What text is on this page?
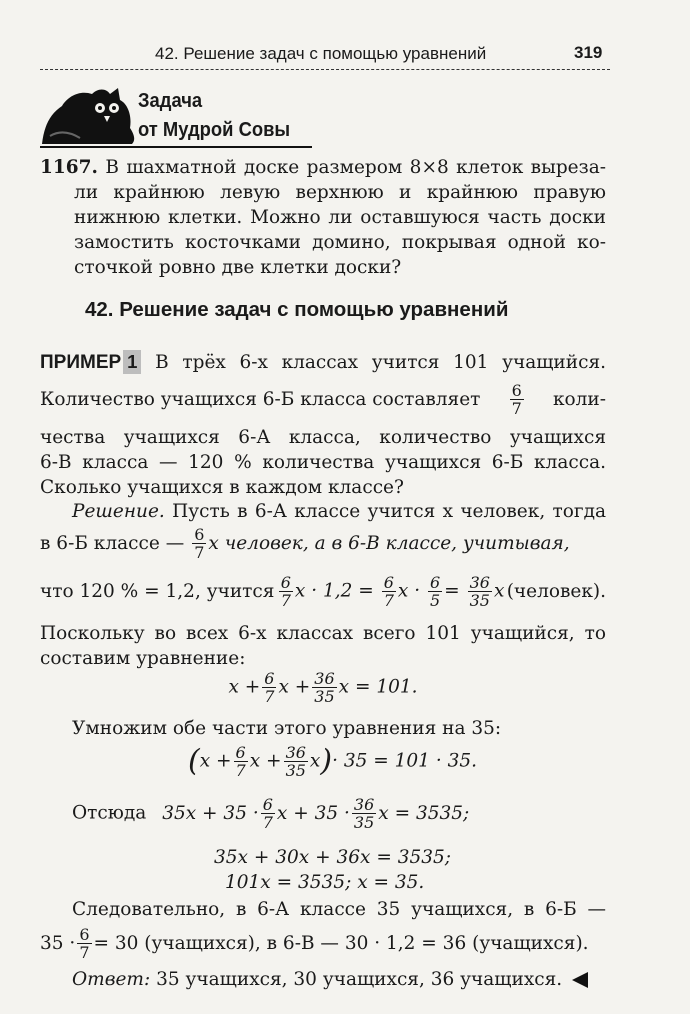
42. Решение задач с помощью уравнений	319
Задача
от Мудрой Совы
1167. В шахматной доске размером 8×8 клеток выреза-
ли крайнюю левую верхнюю и крайнюю правую
нижнюю клетки. Можно ли оставшуюся часть доски
замостить косточками домино, покрывая одной ко-
сточкой ровно две клетки доски?
42. Решение задач с помощью уравнений
ПРИМЕР 1 В трёх 6-х классах учится 101 учащийся.
Количество учащихся 6-Б класса составляет $\frac{6}{7}$ коли-
чества учащихся 6-А класса, количество учащихся
6-В класса — 120 % количества учащихся 6-Б класса.
Сколько учащихся в каждом классе?
Решение. Пусть в 6-А классе учится x человек, тогда
в 6-Б классе — $\frac{6}{7}$ x человек, а в 6-В классе, учитывая,
что 120 % = 1,2, учится $\frac{6}{7}$ $x \cdot 1,2 = \frac{6}{7}$ $x \cdot \frac{6}{5} = \frac{36}{35}$ x (человек).
Поскольку во всех 6-х классах всего 101 учащийся, то
составим уравнение:
$x + \frac{6}{7}$ $x + \frac{36}{35}$ x = 101.
Умножим обе части этого уравнения на 35:
($x + \frac{6}{7}$ $x + \frac{36}{35} x)\cdot 35 = 101 \cdot 35$.
Отсюда $35x + 35 \cdot \frac{6}{7}$ $x + 35 \cdot \frac{36}{35}$ x = 3535;
35x + 30x + 36x = 3535;
101x = 3535; x = 35.
Следовательно, в 6-А классе 35 учащихся, в 6-Б —
$35 \cdot \frac{6}{7} = 30$ (учащихся), в 6-В — 30 · 1,2 = 36 (учащихся).
Ответ: 35 учащихся, 30 учащихся, 36 учащихся.
